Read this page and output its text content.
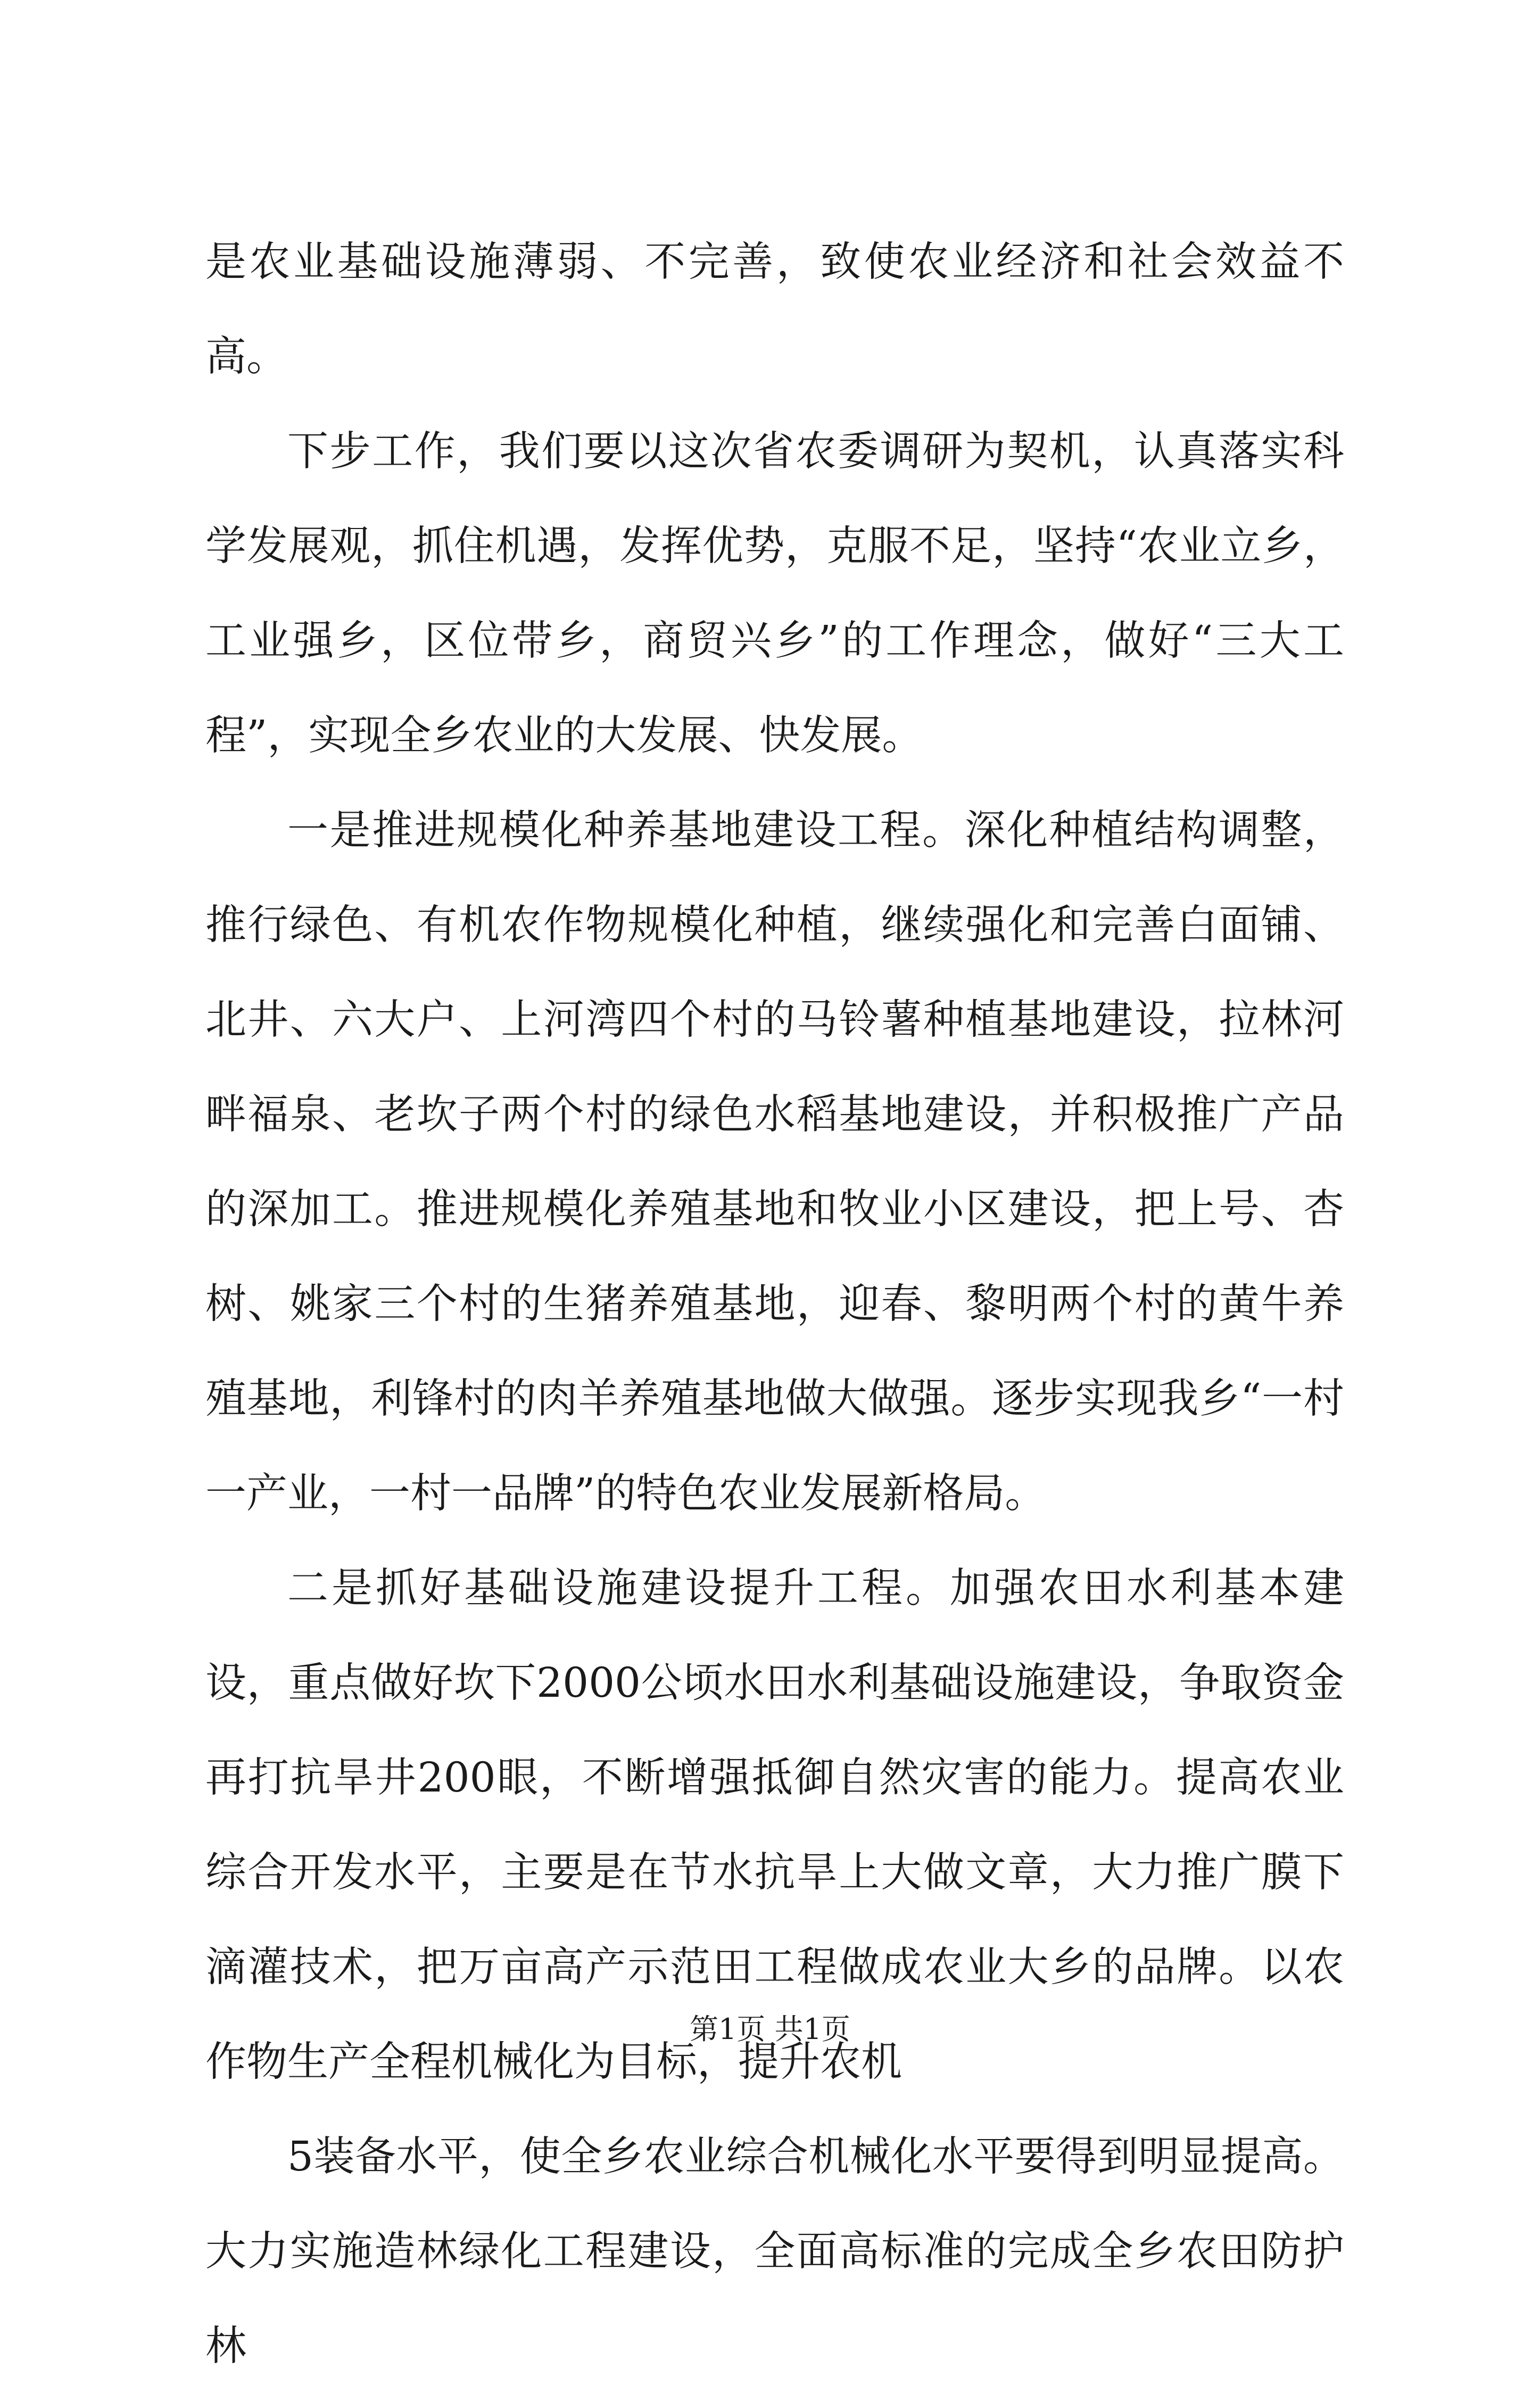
是农业基础设施薄弱、不完善，致使农业经济和社会效益不高。

下步工作，我们要以这次省农委调研为契机，认真落实科学发展观，抓住机遇，发挥优势，克服不足，坚持“农业立乡，工业强乡，区位带乡，商贸兴乡”的工作理念，做好“三大工程”，实现全乡农业的大发展、快发展。

一是推进规模化种养基地建设工程。深化种植结构调整，推行绿色、有机农作物规模化种植，继续强化和完善白面铺、北井、六大户、上河湾四个村的马铃薯种植基地建设，拉林河畔福泉、老坎子两个村的绿色水稻基地建设，并积极推广产品的深加工。推进规模化养殖基地和牧业小区建设，把上号、杏树、姚家三个村的生猪养殖基地，迎春、黎明两个村的黄牛养殖基地，利锋村的肉羊养殖基地做大做强。逐步实现我乡“一村一产业，一村一品牌”的特色农业发展新格局。

二是抓好基础设施建设提升工程。加强农田水利基本建设，重点做好坎下2000公顷水田水利基础设施建设，争取资金再打抗旱井200眼，不断增强抵御自然灾害的能力。提高农业综合开发水平，主要是在节水抗旱上大做文章，大力推广膜下滴灌技术，把万亩高产示范田工程做成农业大乡的品牌。以农作物生产全程机械化为目标，提升农机

5装备水平，使全乡农业综合机械化水平要得到明显提高。大力实施造林绿化工程建设，全面高标准的完成全乡农田防护林

第1页 共1页
